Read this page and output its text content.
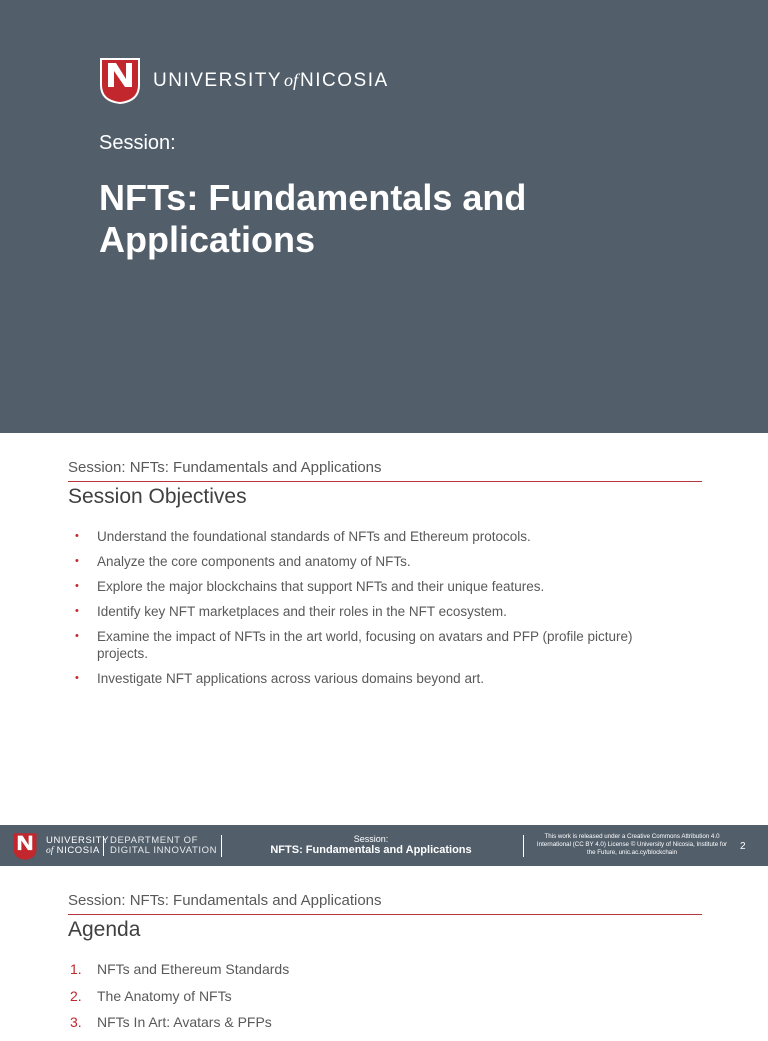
UNIVERSITY of NICOSIA
Session:
NFTs: Fundamentals and Applications
Session: NFTs: Fundamentals and Applications
Session Objectives
• Understand the foundational standards of NFTs and Ethereum protocols.
• Analyze the core components and anatomy of NFTs.
• Explore the major blockchains that support NFTs and their unique features.
• Identify key NFT marketplaces and their roles in the NFT ecosystem.
• Examine the impact of NFTs in the art world, focusing on avatars and PFP (profile picture) projects.
• Investigate NFT applications across various domains beyond art.
UNIVERSITY
of NICOSIA
DEPARTMENT OF
DIGITAL INNOVATION
Session:
NFTS: Fundamentals and Applications
This work is released under a Creative Commons Attribution 4.0 International (CC BY 4.0) License © University of Nicosia, Institute for the Future, unic.ac.cy/blockchain
2
Session: NFTs: Fundamentals and Applications
Agenda
1. NFTs and Ethereum Standards
2. The Anatomy of NFTs
3. NFTs In Art: Avatars & PFPs
